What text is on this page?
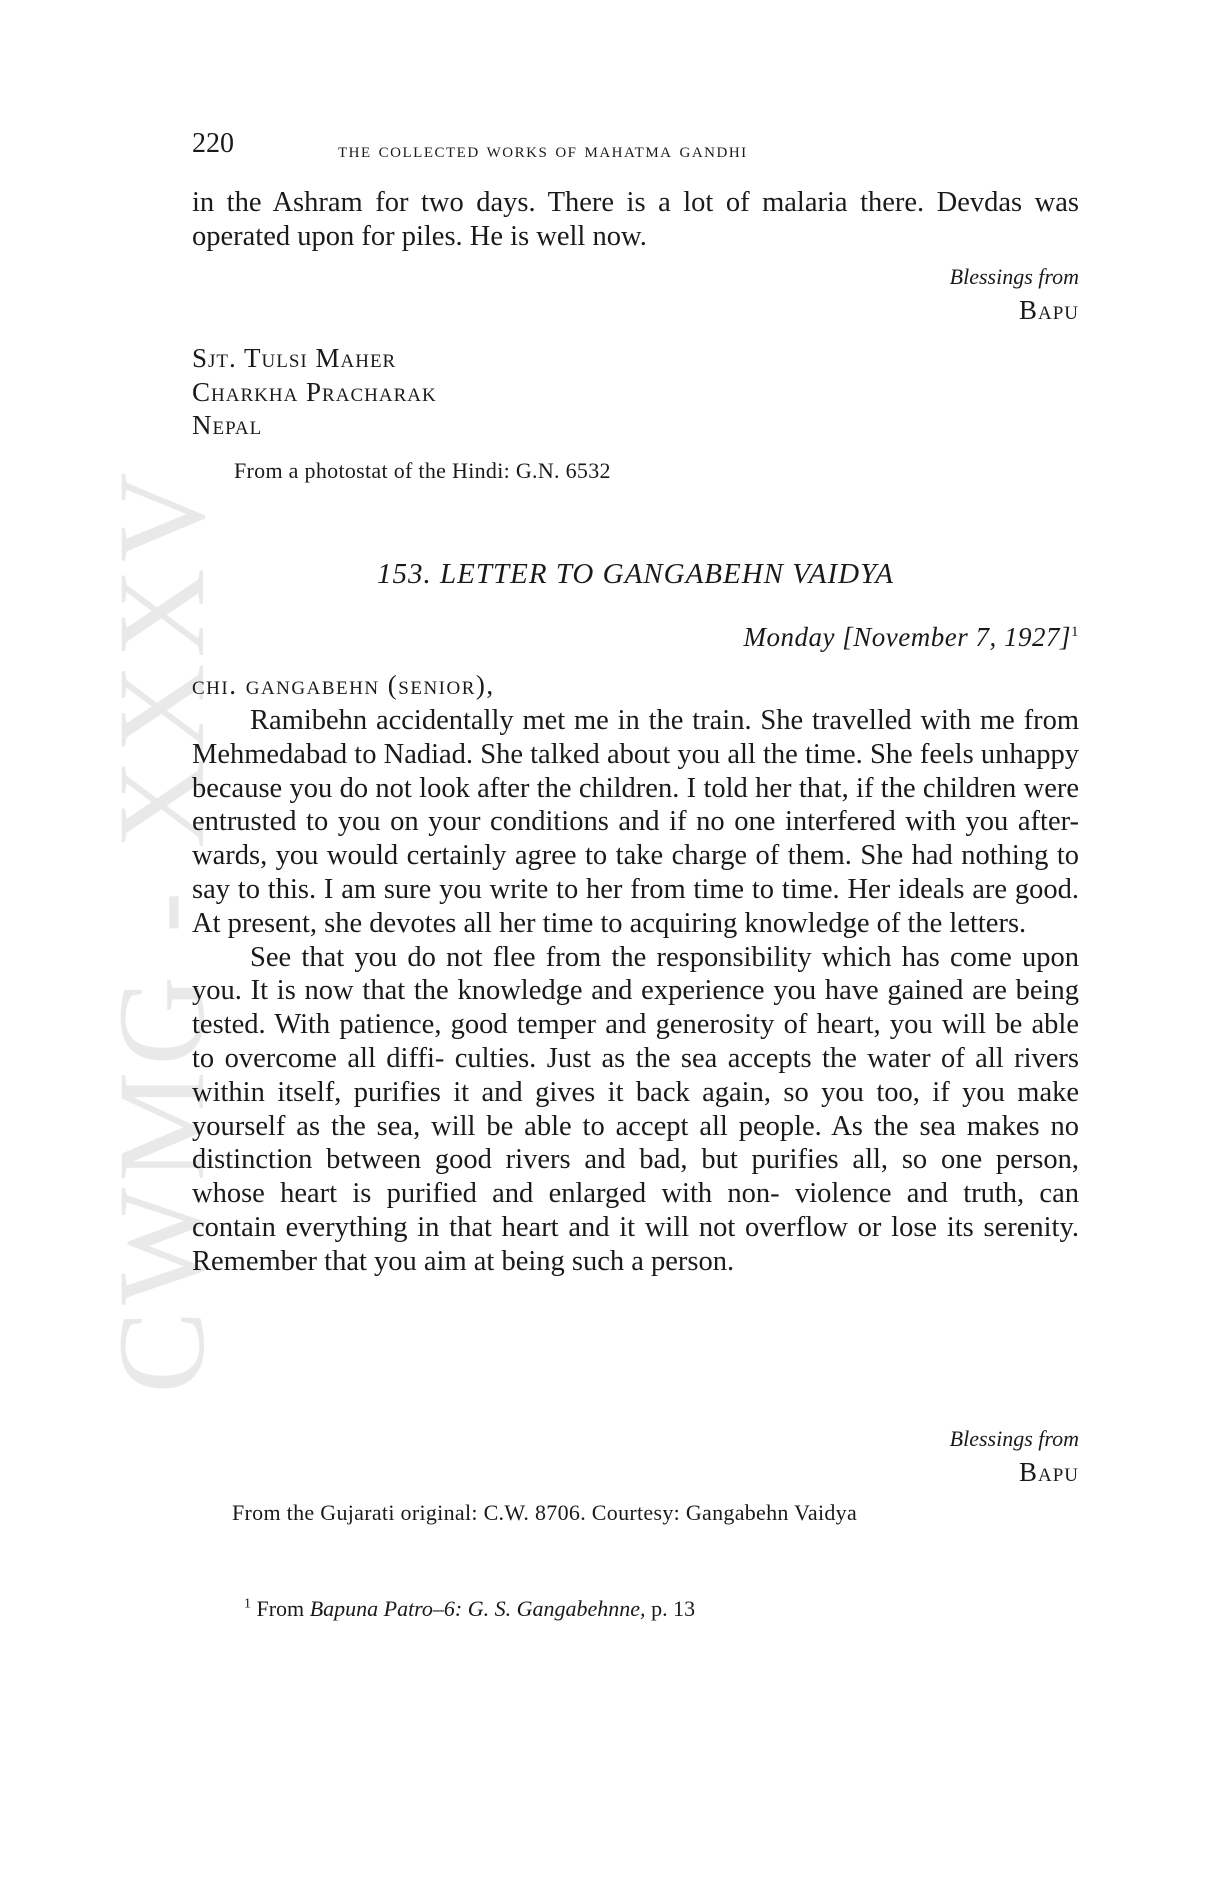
CWMG - XXXV
220	the collected works of mahatma gandhi

in the Ashram for two days. There is a lot of malaria there. Devdas was operated upon for piles. He is well now.

Blessings from
Bapu
Sjt. Tulsi Maher
Charkha Pracharak
Nepal
From a photostat of the Hindi: G.N. 6532
153. LETTER TO GANGABEHN VAIDYA
Monday [November 7, 1927]$^1$
chi. gangabehn (senior),

Ramibehn accidentally met me in the train. She travelled with me from Mehmedabad to Nadiad. She talked about you all the time. She feels unhappy because you do not look after the children. I told her that, if the children were entrusted to you on your conditions and if no one interfered with you after- wards, you would certainly agree to take charge of them. She had nothing to say to this. I am sure you write to her from time to time. Her ideals are good. At present, she devotes all her time to acquiring knowledge of the letters.

See that you do not flee from the responsibility which has come upon you. It is now that the knowledge and experience you have gained are being tested. With patience, good temper and generosity of heart, you will be able to overcome all diffi- culties. Just as the sea accepts the water of all rivers within itself, purifies it and gives it back again, so you too, if you make yourself as the sea, will be able to accept all people. As the sea makes no distinction between good rivers and bad, but purifies all, so one person, whose heart is purified and enlarged with non- violence and truth, can contain everything in that heart and it will not overflow or lose its serenity. Remember that you aim at being such a person.

Blessings from
Bapu
From the Gujarati original: C.W. 8706. Courtesy: Gangabehn Vaidya
$^1$ From Bapuna Patro–6: G. S. Gangabehnne, p. 13
